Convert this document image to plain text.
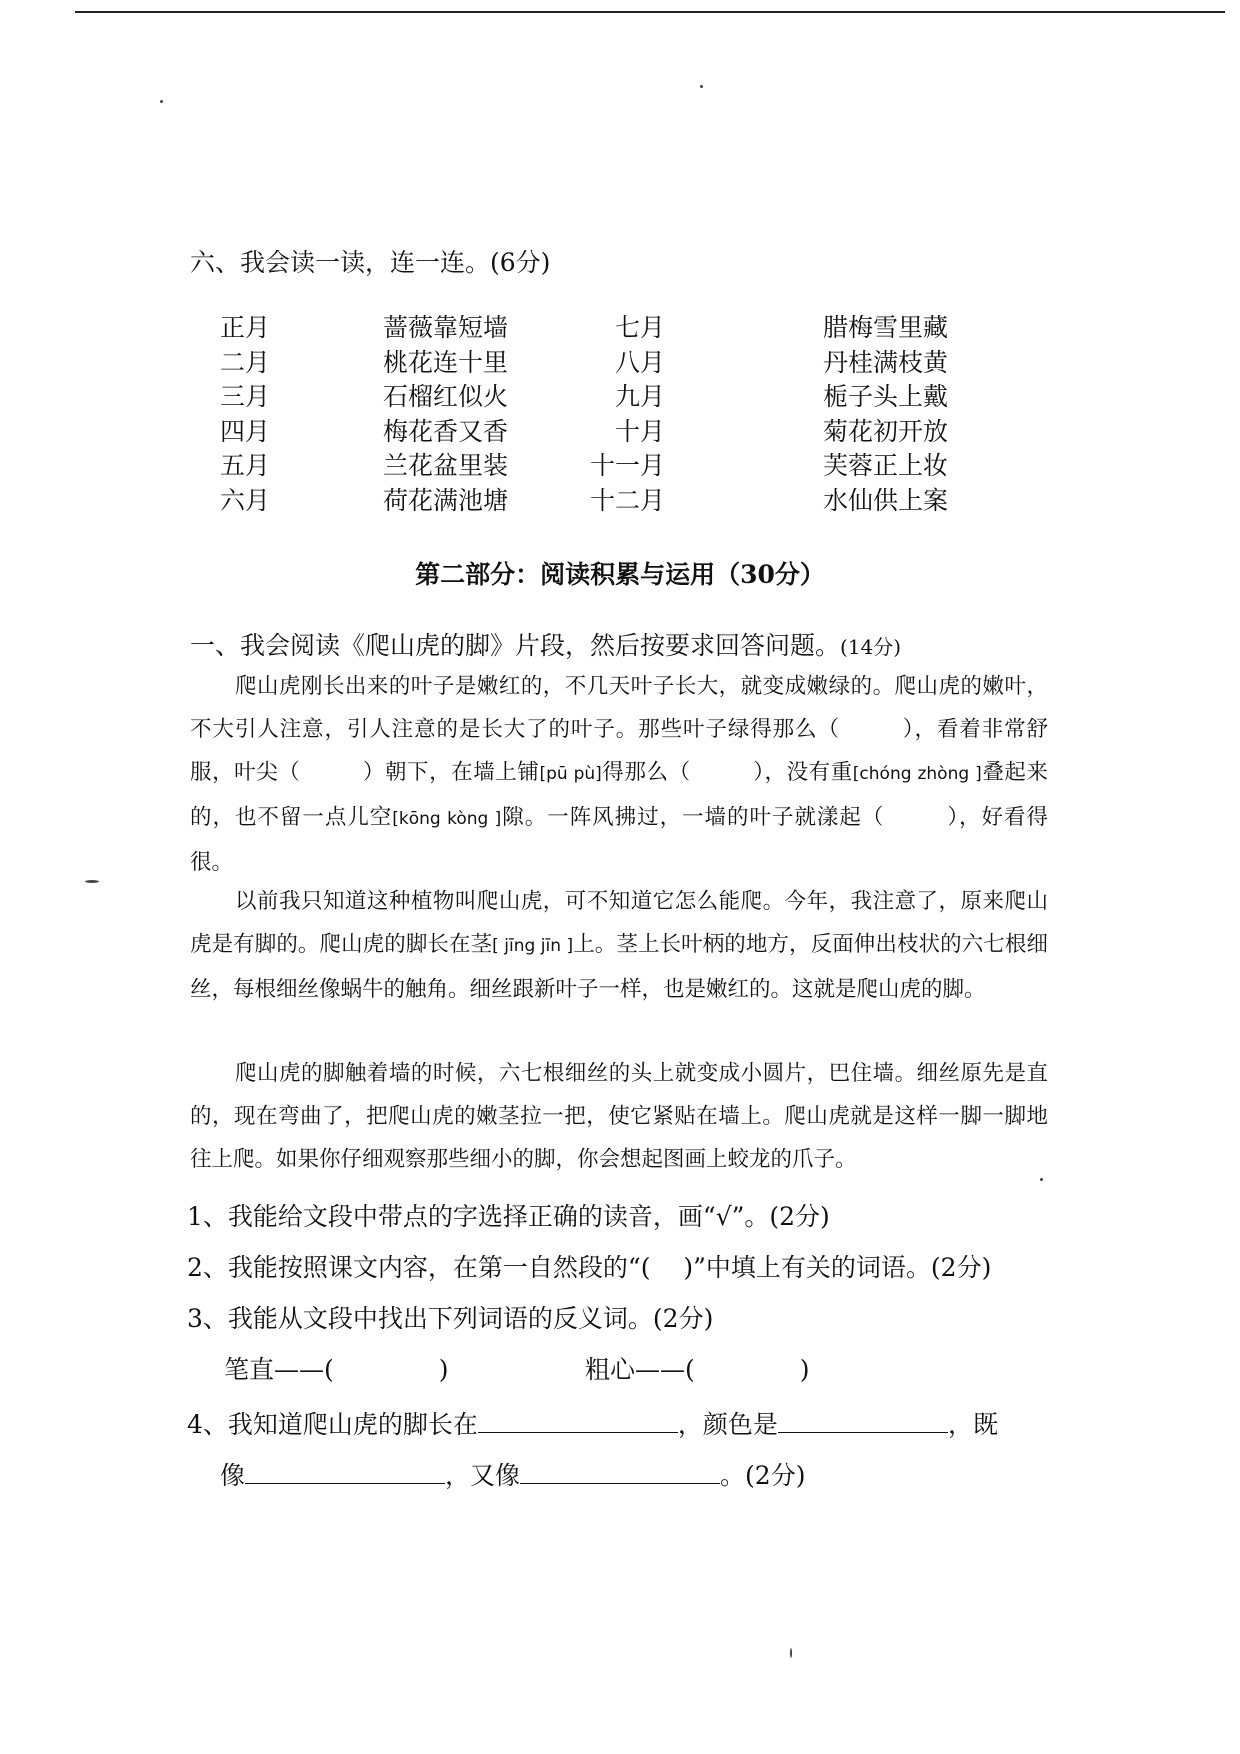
六、我会读一读，连一连。(6分)
正月	蔷薇靠短墙	七月	腊梅雪里藏
二月	桃花连十里	八月	丹桂满枝黄
三月	石榴红似火	九月	栀子头上戴
四月	梅花香又香	十月	菊花初开放
五月	兰花盆里装	十一月	芙蓉正上妆
六月	荷花满池塘	十二月	水仙供上案
第二部分：阅读积累与运用（30分）
一、我会阅读《爬山虎的脚》片段，然后按要求回答问题。(14分)
爬山虎刚长出来的叶子是嫩红的，不几天叶子长大，就变成嫩绿的。爬山虎的嫩叶，不大引人注意，引人注意的是长大了的叶子。那些叶子绿得那么（	），看着非常舒服，叶尖（	）朝下，在墙上铺[pū pù]得那么（	），没有重[chóng zhòng ]叠起来的，也不留一点儿空[kōng kòng ]隙。一阵风拂过，一墙的叶子就漾起（	），好看得很。
以前我只知道这种植物叫爬山虎，可不知道它怎么能爬。今年，我注意了，原来爬山虎是有脚的。爬山虎的脚长在茎[ jīng jīn ]上。茎上长叶柄的地方，反面伸出枝状的六七根细丝，每根细丝像蜗牛的触角。细丝跟新叶子一样，也是嫩红的。这就是爬山虎的脚。
爬山虎的脚触着墙的时候，六七根细丝的头上就变成小圆片，巴住墙。细丝原先是直的，现在弯曲了，把爬山虎的嫩茎拉一把，使它紧贴在墙上。爬山虎就是这样一脚一脚地往上爬。如果你仔细观察那些细小的脚，你会想起图画上蛟龙的爪子。
1、我能给文段中带点的字选择正确的读音，画“√”。(2分)
2、我能按照课文内容，在第一自然段的“(　 )”中填上有关的词语。(2分)
3、我能从文段中找出下列词语的反义词。(2分)
笔直——(	)	粗心——(	)
4、我知道爬山虎的脚长在	，颜色是	，既
像	，又像	。(2分)
